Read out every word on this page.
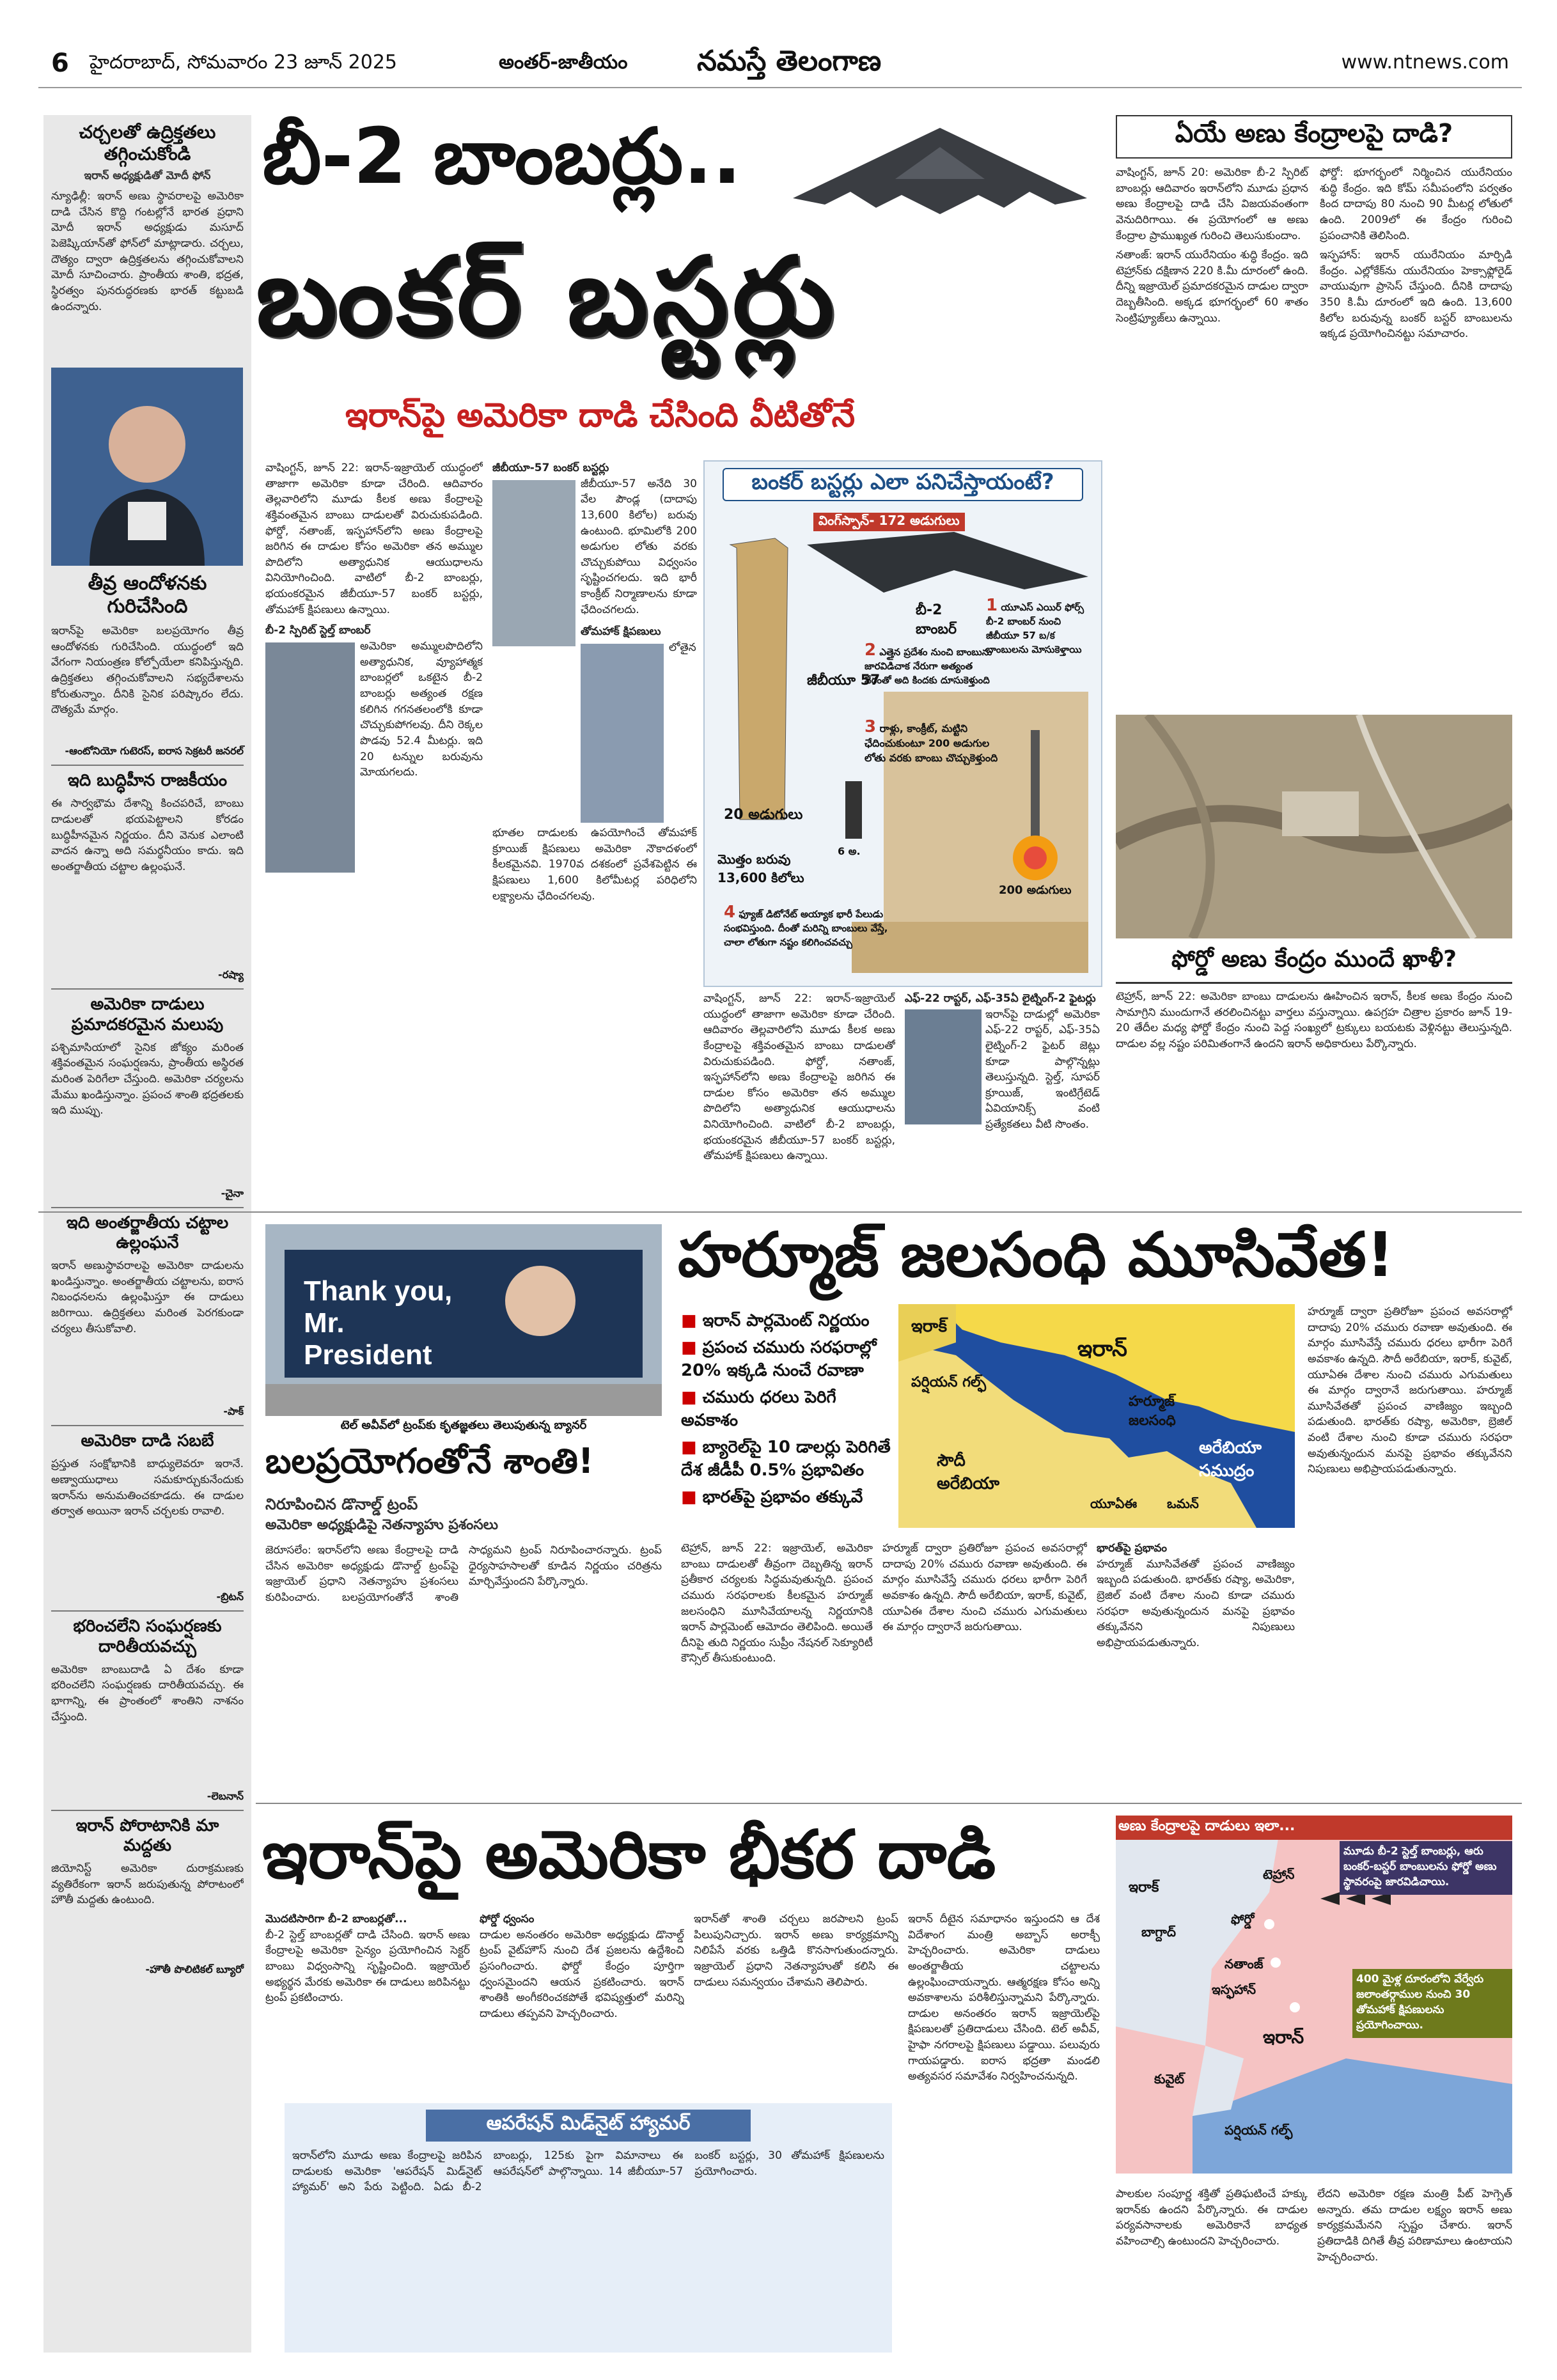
6 హైదరాబాద్, సోమవారం 23 జూన్ 2025	అంతర్-జాతీయం నమస్తే తెలంగాణ	www.ntnews.com
చర్చలతో ఉద్రిక్తతలు తగ్గించుకోండి
ఇరాన్ అధ్యక్షుడితో మోదీ ఫోన్
న్యూఢిల్లీ: ఇరాన్ అణు స్థావరాలపై అమెరికా దాడి చేసిన కొద్ది గంటల్లోనే భారత ప్రధాని మోదీ ఇరాన్ అధ్యక్షుడు మసూద్ పెజెష్కియాన్‌తో ఫోన్‌లో మాట్లాడారు. చర్చలు, దౌత్యం ద్వారా ఉద్రిక్తతలను తగ్గించుకోవాలని మోదీ సూచించారు. ప్రాంతీయ శాంతి, భద్రత, స్థిరత్వం పునరుద్ధరణకు భారత్ కట్టుబడి ఉందన్నారు.
తీవ్ర ఆందోళనకు గురిచేసింది
ఇరాన్‌పై అమెరికా బలప్రయోగం తీవ్ర ఆందోళనకు గురిచేసింది. యుద్ధంలో ఇది వేగంగా నియంత్రణ కోల్పోయేలా కనిపిస్తున్నది. ఉద్రిక్తతలు తగ్గించుకోవాలని సభ్యదేశాలను కోరుతున్నాం. దీనికి సైనిక పరిష్కారం లేదు. దౌత్యమే మార్గం.
-ఆంటోనియో గుటెరస్, ఐరాస సెక్రటరీ జనరల్
ఇది బుద్ధిహీన రాజకీయం
ఈ సార్వభౌమ దేశాన్ని కించపరిచే, బాంబు దాడులతో భయపెట్టాలని కోరడం బుద్ధిహీనమైన నిర్ణయం. దీని వెనుక ఎలాంటి వాదన ఉన్నా అది సమర్థనీయం కాదు. ఇది అంతర్జాతీయ చట్టాల ఉల్లంఘనే.
-రష్యా
అమెరికా దాడులు ప్రమాదకరమైన మలుపు
పశ్చిమాసియాలో సైనిక జోక్యం మరింత శక్తివంతమైన సంఘర్షణను, ప్రాంతీయ అస్థిరత మరింత పెరిగేలా చేస్తుంది. అమెరికా చర్యలను మేము ఖండిస్తున్నాం. ప్రపంచ శాంతి భద్రతలకు ఇది ముప్పు.
-చైనా
ఇది అంతర్జాతీయ చట్టాల ఉల్లంఘనే
ఇరాన్ అణుస్థావరాలపై అమెరికా దాడులను ఖండిస్తున్నాం. అంతర్జాతీయ చట్టాలను, ఐరాస నిబంధనలను ఉల్లంఘిస్తూ ఈ దాడులు జరిగాయి. ఉద్రిక్తతలు మరింత పెరగకుండా చర్యలు తీసుకోవాలి.
-పాక్
అమెరికా దాడి సబబే
ప్రస్తుత సంక్షోభానికి బాధ్యులెవరూ ఇరానే. అణ్వాయుధాలు సమకూర్చుకునేందుకు ఇరాన్‌ను అనుమతించకూడదు. ఈ దాడుల తర్వాత అయినా ఇరాన్ చర్చలకు రావాలి.
-బ్రిటన్
భరించలేని సంఘర్షణకు దారితీయవచ్చు
అమెరికా బాంబుదాడి ఏ దేశం కూడా భరించలేని సంఘర్షణకు దారితీయవచ్చు. ఈ భాగాన్ని, ఈ ప్రాంతంలో శాంతిని నాశనం చేస్తుంది.
-లెబనాన్
ఇరాన్ పోరాటానికి మా మద్దతు
జియోనిస్ట్ అమెరికా దురాక్రమణకు వ్యతిరేకంగా ఇరాన్ జరుపుతున్న పోరాటంలో హౌతీ మద్దతు ఉంటుంది.
-హౌతీ పొలిటికల్ బ్యూరో
బీ-2 బాంబర్లు..
బంకర్ బస్టర్లు
ఇరాన్‌పై అమెరికా దాడి చేసింది వీటితోనే
వాషింగ్టన్, జూన్ 22: ఇరాన్-ఇజ్రాయెల్ యుద్ధంలో తాజాగా అమెరికా కూడా చేరింది. ఆదివారం తెల్లవారిలోని మూడు కీలక అణు కేంద్రాలపై శక్తివంతమైన బాంబు దాడులతో విరుచుకుపడింది. ఫోర్డో, నతాంజ్, ఇస్ఫహాన్‌లోని అణు కేంద్రాలపై జరిగిన ఈ దాడుల కోసం అమెరికా తన అమ్ముల పొదిలోని అత్యాధునిక ఆయుధాలను వినియోగించింది. వాటిలో బీ-2 బాంబర్లు, భయంకరమైన జీబీయూ-57 బంకర్ బస్టర్లు, తోమహాక్ క్షిపణులు ఉన్నాయి.
బీ-2 స్పిరిట్ స్టెల్త్ బాంబర్
అమెరికా అమ్ములపొదిలోని అత్యాధునిక, వ్యూహాత్మక బాంబర్లలో ఒకటైన బీ-2 బాంబర్లు అత్యంత రక్షణ కలిగిన గగనతలంలోకి కూడా చొచ్చుకుపోగలవు. దీని రెక్కల పొడవు 52.4 మీటర్లు. ఇది 20 టన్నుల బరువును మోయగలదు.
జీబీయూ-57 బంకర్ బస్టర్లు
జీబీయూ-57 అనేది 30 వేల పౌండ్ల (దాదాపు 13,600 కిలోల) బరువు ఉంటుంది. భూమిలోకి 200 అడుగుల లోతు వరకు చొచ్చుకుపోయి విధ్వంసం సృష్టించగలదు. ఇది భారీ కాంక్రీట్ నిర్మాణాలను కూడా ఛేదించగలదు.
తోమహాక్ క్షిపణులు
లోతైన భూతల దాడులకు ఉపయోగించే తోమహాక్ క్రూయిజ్ క్షిపణులు అమెరికా నౌకాదళంలో కీలకమైనవి. 1970వ దశకంలో ప్రవేశపెట్టిన ఈ క్షిపణులు 1,600 కిలోమీటర్ల పరిధిలోని లక్ష్యాలను ఛేదించగలవు.
బంకర్ బస్టర్లు ఎలా పనిచేస్తాయంటే?
వింగ్‌స్పాన్- 172 అడుగులు
20 అడుగులు
మొత్తం బరువు 13,600 కిలోలు
జీబీయూ 57
బీ-2 బాంబర్
1 యూఎస్ ఎయిర్ ఫోర్స్ బీ-2 బాంబర్ నుంచి జీబీయూ 57 బ/క బాంబులను మోసుకెళ్తాయి
2 ఎత్తైన ప్రదేశం నుంచి బాంబును జారవిడిచాక నేరుగా అత్యంత వేగంతో అది కిందకు దూసుకెళ్తుంది
3 రాళ్లు, కాంక్రీట్, మట్టిని ఛేదించుకుంటూ 200 అడుగుల లోతు వరకు బాంబు చొచ్చుకెళ్తుంది
4 ఫ్యూజ్ డిటోనేట్ అయ్యాక భారీ పేలుడు సంభవిస్తుంది. దీంతో మరిన్ని బాంబులు వేస్తే, చాలా లోతుగా నష్టం కలిగించవచ్చు
200 అడుగులు
6 అ.
వాషింగ్టన్, జూన్ 22: ఇరాన్-ఇజ్రాయెల్ యుద్ధంలో తాజాగా అమెరికా కూడా చేరింది. ఆదివారం తెల్లవారిలోని మూడు కీలక అణు కేంద్రాలపై శక్తివంతమైన బాంబు దాడులతో విరుచుకుపడింది. ఫోర్డో, నతాంజ్, ఇస్ఫహాన్‌లోని అణు కేంద్రాలపై జరిగిన ఈ దాడుల కోసం అమెరికా తన అమ్ముల పొదిలోని అత్యాధునిక ఆయుధాలను వినియోగించింది. వాటిలో బీ-2 బాంబర్లు, భయంకరమైన జీబీయూ-57 బంకర్ బస్టర్లు, తోమహాక్ క్షిపణులు ఉన్నాయి.
ఎఫ్-22 రాప్టర్, ఎఫ్-35ఏ లైట్నింగ్-2 ఫైటర్లు
ఇరాన్‌పై దాడుల్లో అమెరికా ఎఫ్-22 రాప్టర్, ఎఫ్-35ఏ లైట్నింగ్-2 ఫైటర్ జెట్లు కూడా పాల్గొన్నట్లు తెలుస్తున్నది. స్టెల్త్, సూపర్ క్రూయిజ్, ఇంటిగ్రేటెడ్ ఏవియానిక్స్ వంటి ప్రత్యేకతలు వీటి సొంతం.
ఏయే అణు కేంద్రాలపై దాడి?
వాషింగ్టన్, జూన్ 20: అమెరికా బీ-2 స్పిరిట్ బాంబర్లు ఆదివారం ఇరాన్‌లోని మూడు ప్రధాన అణు కేంద్రాలపై దాడి చేసి విజయవంతంగా వెనుదిరిగాయి. ఈ ప్రయోగంలో ఆ అణు కేంద్రాల ప్రాముఖ్యత గురించి తెలుసుకుందాం.
నతాంజ్: ఇరాన్ యురేనియం శుద్ధి కేంద్రం. ఇది టెహ్రాన్‌కు దక్షిణాన 220 కి.మీ దూరంలో ఉంది. దీన్ని ఇజ్రాయెల్ ప్రమాదకరమైన దాడుల ద్వారా దెబ్బతీసింది. అక్కడ భూగర్భంలో 60 శాతం సెంట్రిఫ్యూజ్‌లు ఉన్నాయి.
ఫోర్డో: భూగర్భంలో నిర్మించిన యురేనియం శుద్ధి కేంద్రం. ఇది కోమ్ సమీపంలోని పర్వతం కింద దాదాపు 80 నుంచి 90 మీటర్ల లోతులో ఉంది. 2009లో ఈ కేంద్రం గురించి ప్రపంచానికి తెలిసింది.
ఇస్ఫహాన్: ఇరాన్ యురేనియం మార్పిడి కేంద్రం. ఎల్లోకేక్‌ను యురేనియం హెక్సాఫ్లోరైడ్ వాయువుగా ప్రాసెస్ చేస్తుంది. దీనికి దాదాపు 350 కి.మీ దూరంలో ఇది ఉంది. 13,600 కిలోల బరువున్న బంకర్ బస్టర్ బాంబులను ఇక్కడ ప్రయోగించినట్టు సమాచారం.
ఫోర్డో అణు కేంద్రం ముందే ఖాళీ?
టెహ్రాన్, జూన్ 22: అమెరికా బాంబు దాడులను ఊహించిన ఇరాన్, కీలక అణు కేంద్రం నుంచి సామాగ్రిని ముందుగానే తరలించినట్టు వార్తలు వస్తున్నాయి. ఉపగ్రహ చిత్రాల ప్రకారం జూన్ 19-20 తేదీల మధ్య ఫోర్డో కేంద్రం నుంచి పెద్ద సంఖ్యలో ట్రక్కులు బయటకు వెళ్లినట్టు తెలుస్తున్నది. దాడుల వల్ల నష్టం పరిమితంగానే ఉందని ఇరాన్ అధికారులు పేర్కొన్నారు.
Thank you, Mr. President
టెల్ అవీవ్‌లో ట్రంప్‌కు కృతజ్ఞతలు తెలుపుతున్న బ్యానర్
బలప్రయోగంతోనే శాంతి!
నిరూపించిన డొనాల్డ్ ట్రంప్
అమెరికా అధ్యక్షుడిపై నెతన్యాహు ప్రశంసలు
జెరూసలేం: ఇరాన్‌లోని అణు కేంద్రాలపై దాడి చేసిన అమెరికా అధ్యక్షుడు డొనాల్డ్ ట్రంప్‌పై ఇజ్రాయెల్ ప్రధాని నెతన్యాహు ప్రశంసలు కురిపించారు. బలప్రయోగంతోనే శాంతి సాధ్యమని ట్రంప్ నిరూపించారన్నారు. ట్రంప్ ధైర్యసాహసాలతో కూడిన నిర్ణయం చరిత్రను మార్చివేస్తుందని పేర్కొన్నారు.
హర్మూజ్ జలసంధి మూసివేత!
■ ఇరాన్ పార్లమెంట్ నిర్ణయం
■ ప్రపంచ చమురు సరఫరాల్లో 20% ఇక్కడి నుంచే రవాణా
■ చమురు ధరలు పెరిగే అవకాశం
■ బ్యారెల్‌పై 10 డాలర్లు పెరిగితే దేశ జీడీపీ 0.5% ప్రభావితం
■ భారత్‌పై ప్రభావం తక్కువే
ఇరాక్
ఇరాన్
పర్షియన్ గల్ఫ్
హర్మూజ్ జలసంధి
సౌదీ అరేబియా
యూఏఈ ఒమన్
అరేబియా సముద్రం
టెహ్రాన్, జూన్ 22: ఇజ్రాయెల్, అమెరికా బాంబు దాడులతో తీవ్రంగా దెబ్బతిన్న ఇరాన్ ప్రతీకార చర్యలకు సిద్ధమవుతున్నది. ప్రపంచ చమురు సరఫరాలకు కీలకమైన హర్మూజ్ జలసంధిని మూసివేయాలన్న నిర్ణయానికి ఇరాన్ పార్లమెంట్ ఆమోదం తెలిపింది. అయితే దీనిపై తుది నిర్ణయం సుప్రీం నేషనల్ సెక్యూరిటీ కౌన్సిల్ తీసుకుంటుంది.
హర్మూజ్ ద్వారా ప్రతిరోజూ ప్రపంచ అవసరాల్లో దాదాపు 20% చమురు రవాణా అవుతుంది. ఈ మార్గం మూసివేస్తే చమురు ధరలు భారీగా పెరిగే అవకాశం ఉన్నది. సౌదీ అరేబియా, ఇరాక్, కువైట్, యూఏఈ దేశాల నుంచి చమురు ఎగుమతులు ఈ మార్గం ద్వారానే జరుగుతాయి.
భారత్‌పై ప్రభావం
హర్మూజ్ మూసివేతతో ప్రపంచ వాణిజ్యం ఇబ్బంది పడుతుంది. భారత్‌కు రష్యా, అమెరికా, బ్రెజిల్ వంటి దేశాల నుంచి కూడా చమురు సరఫరా అవుతున్నందున మనపై ప్రభావం తక్కువేనని నిపుణులు అభిప్రాయపడుతున్నారు.
హర్మూజ్ ద్వారా ప్రతిరోజూ ప్రపంచ అవసరాల్లో దాదాపు 20% చమురు రవాణా అవుతుంది. ఈ మార్గం మూసివేస్తే చమురు ధరలు భారీగా పెరిగే అవకాశం ఉన్నది. సౌదీ అరేబియా, ఇరాక్, కువైట్, యూఏఈ దేశాల నుంచి చమురు ఎగుమతులు ఈ మార్గం ద్వారానే జరుగుతాయి. హర్మూజ్ మూసివేతతో ప్రపంచ వాణిజ్యం ఇబ్బంది పడుతుంది. భారత్‌కు రష్యా, అమెరికా, బ్రెజిల్ వంటి దేశాల నుంచి కూడా చమురు సరఫరా అవుతున్నందున మనపై ప్రభావం తక్కువేనని నిపుణులు అభిప్రాయపడుతున్నారు.
ఇరాన్‌పై అమెరికా భీకర దాడి
మొదటిసారిగా బీ-2 బాంబర్లతో...
బీ-2 స్టెల్త్ బాంబర్లతో దాడి చేసింది. ఇరాన్ అణు కేంద్రాలపై అమెరికా సైన్యం ప్రయోగించిన సెక్టర్ బాంబు విధ్వంసాన్ని సృష్టించింది. ఇజ్రాయెల్ అభ్యర్థన మేరకు అమెరికా ఈ దాడులు జరిపినట్టు ట్రంప్ ప్రకటించారు.
ఫోర్డో ధ్వంసం
దాడుల అనంతరం అమెరికా అధ్యక్షుడు డొనాల్డ్ ట్రంప్ వైట్‌హౌస్ నుంచి దేశ ప్రజలను ఉద్దేశించి ప్రసంగించారు. ఫోర్డో కేంద్రం పూర్తిగా ధ్వంసమైందని ఆయన ప్రకటించారు. ఇరాన్ శాంతికి అంగీకరించకపోతే భవిష్యత్తులో మరిన్ని దాడులు తప్పవని హెచ్చరించారు.
ఇరాన్‌తో శాంతి చర్చలు జరపాలని ట్రంప్ పిలుపునిచ్చారు. ఇరాన్ అణు కార్యక్రమాన్ని నిలిపేసే వరకు ఒత్తిడి కొనసాగుతుందన్నారు. ఇజ్రాయెల్ ప్రధాని నెతన్యాహుతో కలిసి ఈ దాడులు సమన్వయం చేశామని తెలిపారు.
ఆపరేషన్ మిడ్‌నైట్ హ్యామర్
ఇరాన్‌లోని మూడు అణు కేంద్రాలపై జరిపిన దాడులకు అమెరికా 'ఆపరేషన్ మిడ్‌నైట్ హ్యామర్' అని పేరు పెట్టింది. ఏడు బీ-2 బాంబర్లు, 125కు పైగా విమానాలు ఈ ఆపరేషన్‌లో పాల్గొన్నాయి. 14 జీబీయూ-57 బంకర్ బస్టర్లు, 30 తోమహాక్ క్షిపణులను ప్రయోగించారు.
ఇరాన్ దీటైన సమాధానం ఇస్తుందని ఆ దేశ విదేశాంగ మంత్రి అబ్బాస్ అరాక్చీ హెచ్చరించారు. అమెరికా దాడులు అంతర్జాతీయ చట్టాలను ఉల్లంఘించాయన్నారు. ఆత్మరక్షణ కోసం అన్ని అవకాశాలను పరిశీలిస్తున్నామని పేర్కొన్నారు. దాడుల అనంతరం ఇరాన్ ఇజ్రాయెల్‌పై క్షిపణులతో ప్రతిదాడులు చేసింది. టెల్ అవీవ్, హైఫా నగరాలపై క్షిపణులు పడ్డాయి. పలువురు గాయపడ్డారు. ఐరాస భద్రతా మండలి అత్యవసర సమావేశం నిర్వహించనున్నది.
అణు కేంద్రాలపై దాడులు ఇలా...
టెహ్రాన్
ఫోర్డో
నతాంజ్
ఇస్ఫహాన్
ఇరాక్
బాగ్దాద్
ఇరాన్
కువైట్
పర్షియన్ గల్ఫ్
మూడు బీ-2 స్టెల్త్ బాంబర్లు, ఆరు బంకర్-బస్టర్ బాంబులను ఫోర్డో అణు స్థావరంపై జారవిడిచాయి.
400 మైళ్ల దూరంలోని వేర్వేరు జలాంతర్గాముల నుంచి 30 తోమహాక్ క్షిపణులను ప్రయోగించాయి.
పాలకుల సంపూర్ణ శక్తితో ప్రతిఘటించే హక్కు ఇరాన్‌కు ఉందని పేర్కొన్నారు. ఈ దాడుల పర్యవసానాలకు అమెరికానే బాధ్యత వహించాల్సి ఉంటుందని హెచ్చరించారు.
లేదని అమెరికా రక్షణ మంత్రి పీట్ హెగ్సెత్ అన్నారు. తమ దాడుల లక్ష్యం ఇరాన్ అణు కార్యక్రమమేనని స్పష్టం చేశారు. ఇరాన్ ప్రతిదాడికి దిగితే తీవ్ర పరిణామాలు ఉంటాయని హెచ్చరించారు.
